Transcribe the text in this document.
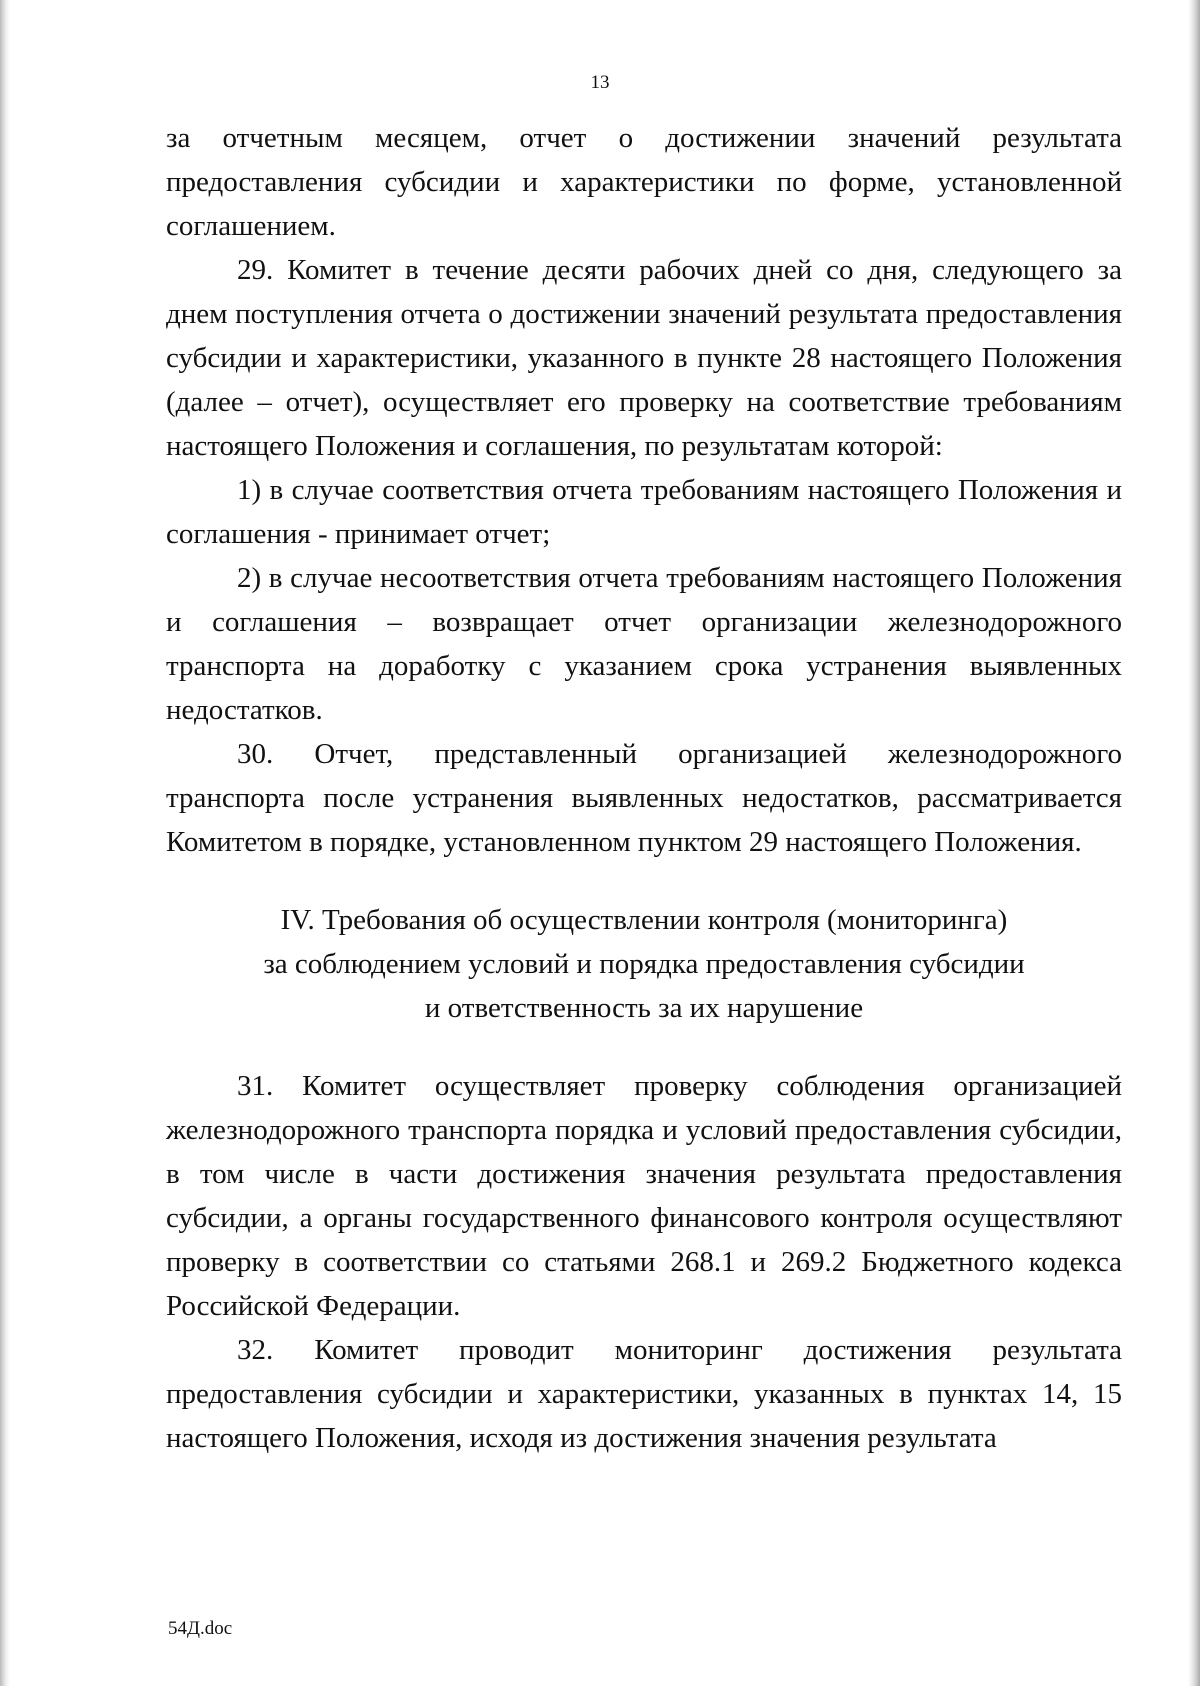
13

за отчетным месяцем, отчет о достижении значений результата предоставления субсидии и характеристики по форме, установленной соглашением.

29. Комитет в течение десяти рабочих дней со дня, следующего за днем поступления отчета о достижении значений результата предоставления субсидии и характеристики, указанного в пункте 28 настоящего Положения (далее – отчет), осуществляет его проверку на соответствие требованиям настоящего Положения и соглашения, по результатам которой:

1) в случае соответствия отчета требованиям настоящего Положения и соглашения - принимает отчет;

2) в случае несоответствия отчета требованиям настоящего Положения и соглашения – возвращает отчет организации железнодорожного транспорта на доработку с указанием срока устранения выявленных недостатков.

30. Отчет, представленный организацией железнодорожного транспорта после устранения выявленных недостатков, рассматривается Комитетом в порядке, установленном пунктом 29 настоящего Положения.

IV. Требования об осуществлении контроля (мониторинга)
за соблюдением условий и порядка предоставления субсидии
и ответственность за их нарушение

31. Комитет осуществляет проверку соблюдения организацией железнодорожного транспорта порядка и условий предоставления субсидии, в том числе в части достижения значения результата предоставления субсидии, а органы государственного финансового контроля осуществляют проверку в соответствии со статьями 268.1 и 269.2 Бюджетного кодекса Российской Федерации.

32. Комитет проводит мониторинг достижения результата предоставления субсидии и характеристики, указанных в пунктах 14, 15 настоящего Положения, исходя из достижения значения результата

54Д.doc
